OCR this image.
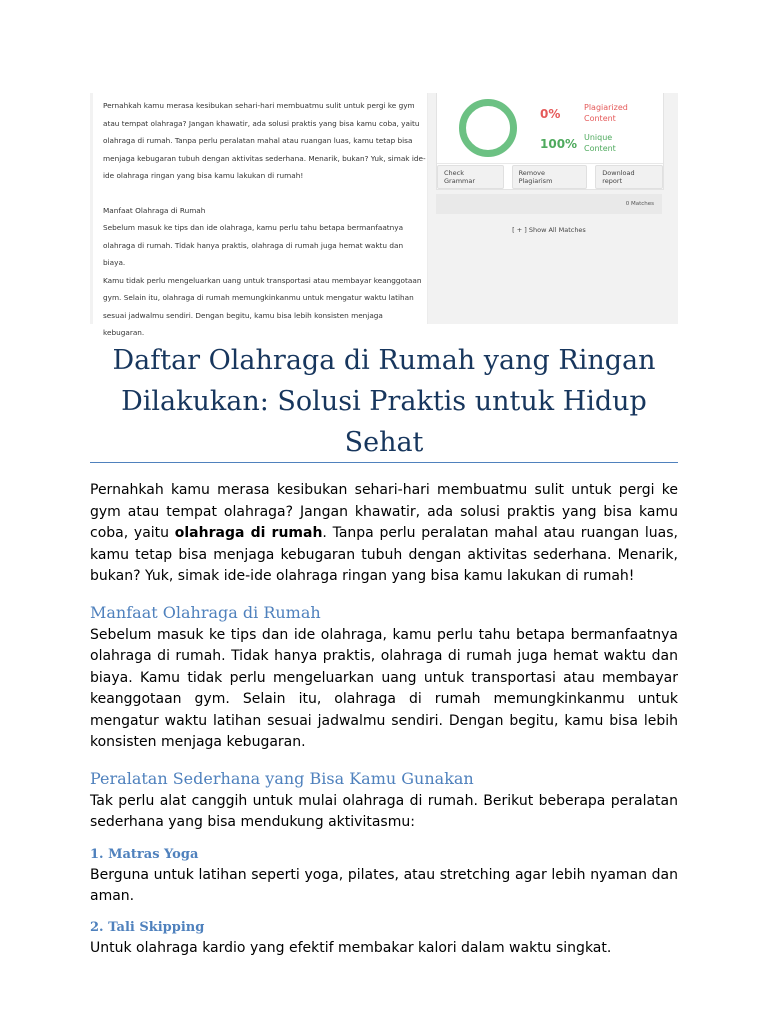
Pernahkah kamu merasa kesibukan sehari-hari membuatmu sulit untuk pergi ke gym

atau tempat olahraga? Jangan khawatir, ada solusi praktis yang bisa kamu coba, yaitu

olahraga di rumah. Tanpa perlu peralatan mahal atau ruangan luas, kamu tetap bisa

menjaga kebugaran tubuh dengan aktivitas sederhana. Menarik, bukan? Yuk, simak ide-

ide olahraga ringan yang bisa kamu lakukan di rumah!

Manfaat Olahraga di Rumah

Sebelum masuk ke tips dan ide olahraga, kamu perlu tahu betapa bermanfaatnya

olahraga di rumah. Tidak hanya praktis, olahraga di rumah juga hemat waktu dan biaya.

Kamu tidak perlu mengeluarkan uang untuk transportasi atau membayar keanggotaan

gym. Selain itu, olahraga di rumah memungkinkanmu untuk mengatur waktu latihan

sesuai jadwalmu sendiri. Dengan begitu, kamu bisa lebih konsisten menjaga

kebugaran.

0%	Plagiarized Content
100% Unique Content
Check Grammar
Remove Plagiarism
Download report
0 Matches
[ + ] Show All Matches
Daftar Olahraga di Rumah yang Ringan Dilakukan: Solusi Praktis untuk Hidup Sehat

Pernahkah kamu merasa kesibukan sehari-hari membuatmu sulit untuk pergi ke gym atau tempat olahraga? Jangan khawatir, ada solusi praktis yang bisa kamu coba, yaitu olahraga di rumah. Tanpa perlu peralatan mahal atau ruangan luas, kamu tetap bisa menjaga kebugaran tubuh dengan aktivitas sederhana. Menarik, bukan? Yuk, simak ide-ide olahraga ringan yang bisa kamu lakukan di rumah!

Manfaat Olahraga di Rumah

Sebelum masuk ke tips dan ide olahraga, kamu perlu tahu betapa bermanfaatnya olahraga di rumah. Tidak hanya praktis, olahraga di rumah juga hemat waktu dan biaya. Kamu tidak perlu mengeluarkan uang untuk transportasi atau membayar keanggotaan gym. Selain itu, olahraga di rumah memungkinkanmu untuk mengatur waktu latihan sesuai jadwalmu sendiri. Dengan begitu, kamu bisa lebih konsisten menjaga kebugaran.

Peralatan Sederhana yang Bisa Kamu Gunakan

Tak perlu alat canggih untuk mulai olahraga di rumah. Berikut beberapa peralatan sederhana yang bisa mendukung aktivitasmu:

1. Matras Yoga

Berguna untuk latihan seperti yoga, pilates, atau stretching agar lebih nyaman dan aman.

2. Tali Skipping

Untuk olahraga kardio yang efektif membakar kalori dalam waktu singkat.
